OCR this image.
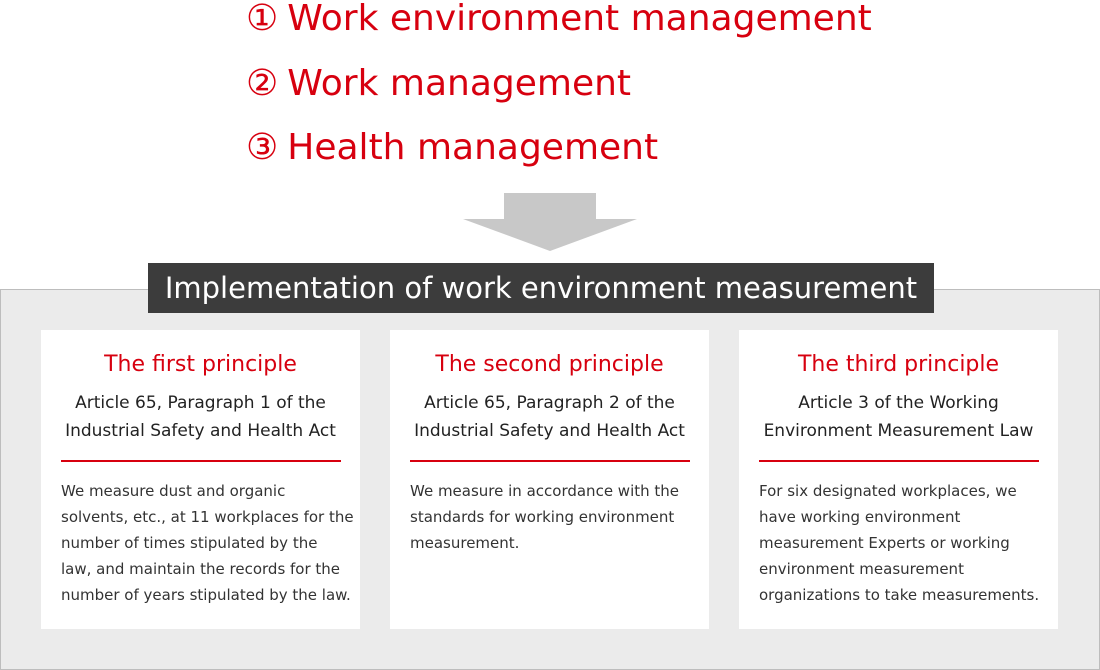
① Work environment management
② Work management
③ Health management
Implementation of work environment measurement
The first principle
Article 65, Paragraph 1 of the
Industrial Safety and Health Act
We measure dust and organic
solvents, etc., at 11 workplaces for the
number of times stipulated by the
law, and maintain the records for the
number of years stipulated by the law.
The second principle
Article 65, Paragraph 2 of the
Industrial Safety and Health Act
We measure in accordance with the
standards for working environment
measurement.
The third principle
Article 3 of the Working
Environment Measurement Law
For six designated workplaces, we
have working environment
measurement Experts or working
environment measurement
organizations to take measurements.
